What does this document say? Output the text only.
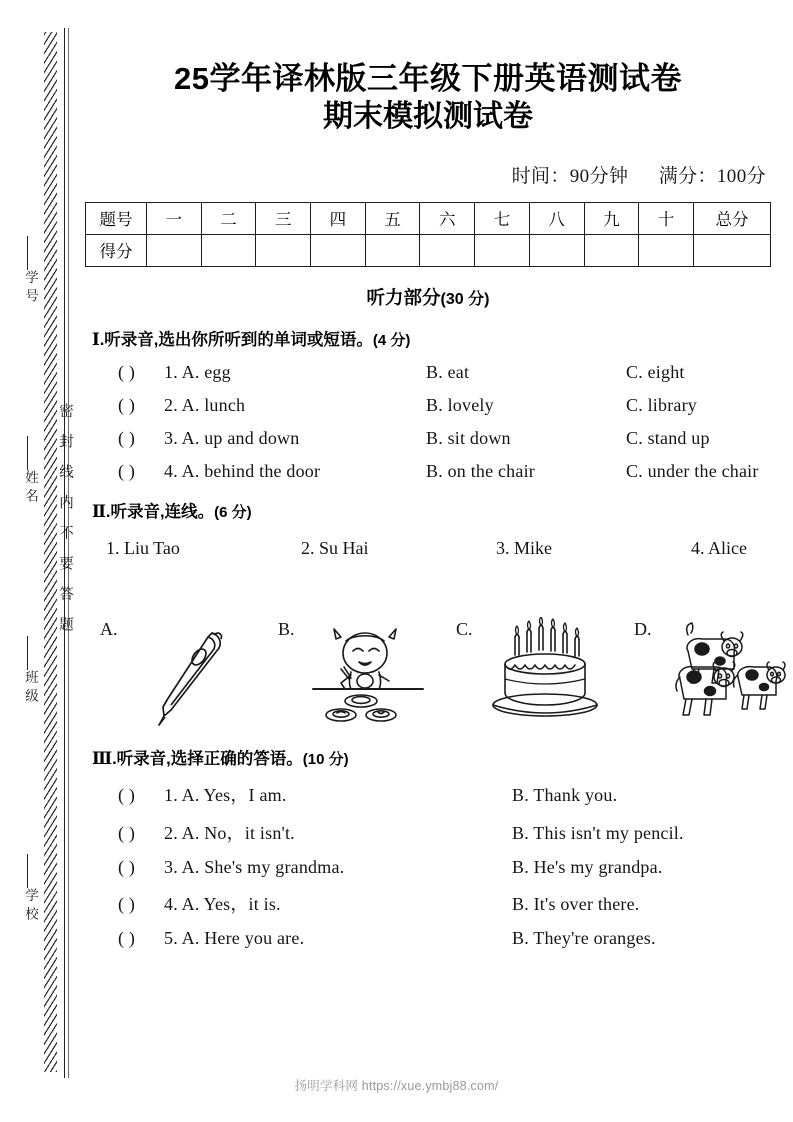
密封线内不要答题
学号
姓名
班级
学校
25学年译林版三年级下册英语测试卷
期末模拟测试卷
时间：90分钟 满分：100分
题号	一	二	三	四	五	六	七	八	九	十	总分
得分											
听力部分(30 分)
Ⅰ.听录音,选出你所听到的单词或短语。(4 分)
( )	1. A. egg	B. eat	C. eight
( )	2. A. lunch	B. lovely	C. library
( )	3. A. up and down	B. sit down	C. stand up
( )	4. A. behind the door	B. on the chair	C. under the chair
Ⅱ.听录音,连线。(6 分)
1. Liu Tao	2. Su Hai	3. Mike	4. Alice
A.	B.	C.	D.
Ⅲ.听录音,选择正确的答语。(10 分)
( )	1. A. Yes，I am.	B. Thank you.
( )	2. A. No，it isn't.	B. This isn't my pencil.
( )	3. A. She's my grandma.	B. He's my grandpa.
( )	4. A. Yes，it is.	B. It's over there.
( )	5. A. Here you are.	B. They're oranges.
扬明学科网 https://xue.ymbj88.com/
